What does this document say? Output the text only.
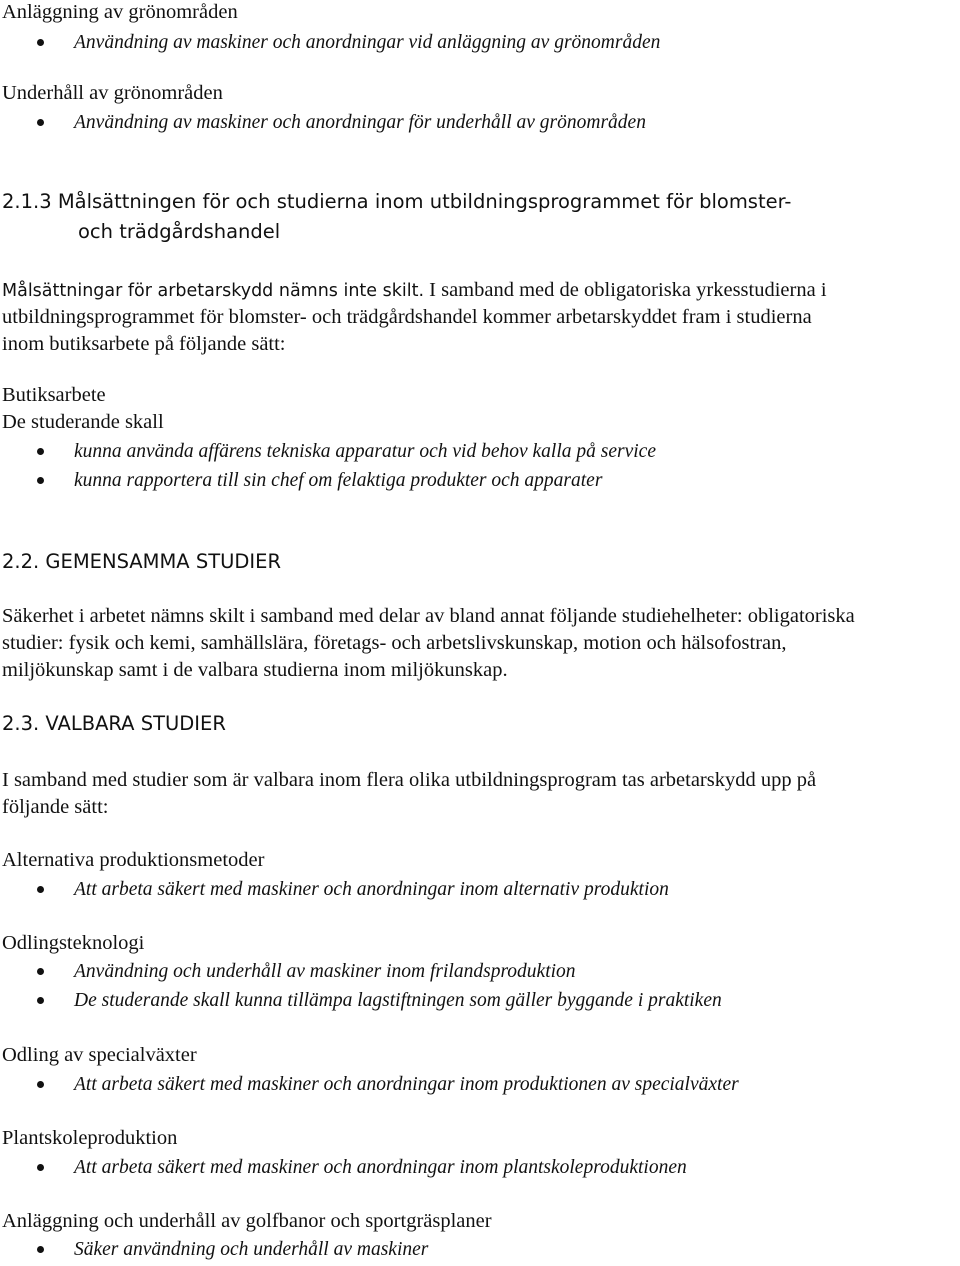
Anläggning av grönområden
Användning av maskiner och anordningar vid anläggning av grönområden
Underhåll av grönområden
Användning av maskiner och anordningar för underhåll av grönområden
2.1.3 Målsättningen för och studierna inom utbildningsprogrammet för blomster-
och trädgårdshandel
Målsättningar för arbetarskydd nämns inte skilt. I samband med de obligatoriska yrkesstudierna i
utbildningsprogrammet för blomster- och trädgårdshandel kommer arbetarskyddet fram i studierna
inom butiksarbete på följande sätt:
Butiksarbete
De studerande skall
kunna använda affärens tekniska apparatur och vid behov kalla på service
kunna rapportera till sin chef om felaktiga produkter och apparater
2.2. GEMENSAMMA STUDIER
Säkerhet i arbetet nämns skilt i samband med delar av bland annat följande studiehelheter: obligatoriska
studier: fysik och kemi, samhällslära, företags- och arbetslivskunskap, motion och hälsofostran,
miljökunskap samt i de valbara studierna inom miljökunskap.
2.3. VALBARA STUDIER
I samband med studier som är valbara inom flera olika utbildningsprogram tas arbetarskydd upp på
följande sätt:
Alternativa produktionsmetoder
Att arbeta säkert med maskiner och anordningar inom alternativ produktion
Odlingsteknologi
Användning och underhåll av maskiner inom frilandsproduktion
De studerande skall kunna tillämpa lagstiftningen som gäller byggande i praktiken
Odling av specialväxter
Att arbeta säkert med maskiner och anordningar inom produktionen av specialväxter
Plantskoleproduktion
Att arbeta säkert med maskiner och anordningar inom plantskoleproduktionen
Anläggning och underhåll av golfbanor och sportgräsplaner
Säker användning och underhåll av maskiner
